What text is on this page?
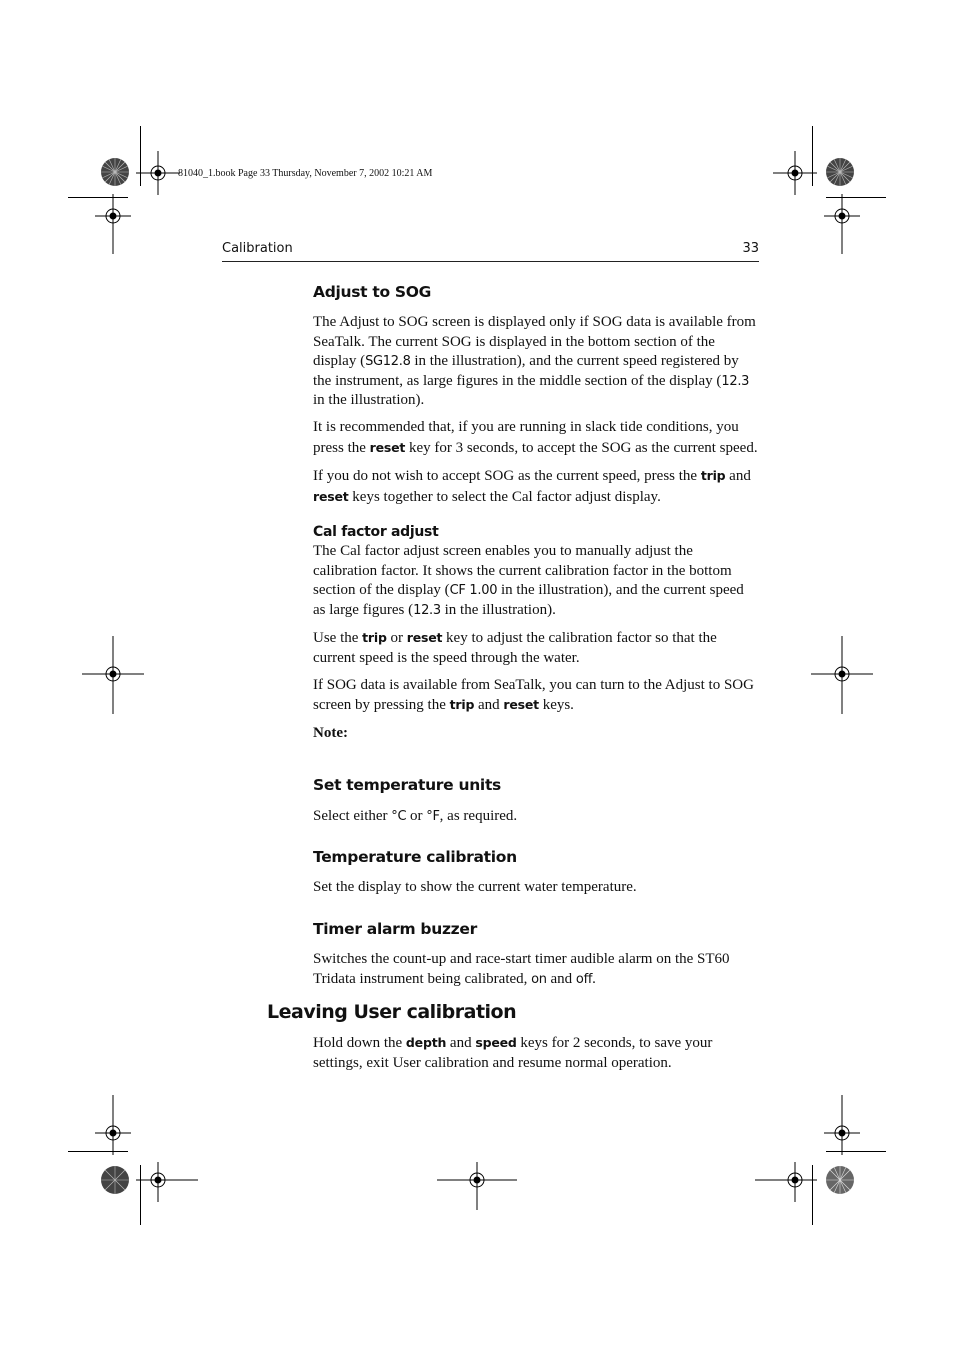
81040_1.book Page 33 Thursday, November 7, 2002 10:21 AM
Calibration	33
Adjust to SOG

The Adjust to SOG screen is displayed only if SOG data is available from SeaTalk. The current SOG is displayed in the bottom section of the display (SG12.8 in the illustration), and the current speed registered by the instrument, as large figures in the middle section of the display (12.3 in the illustration).

It is recommended that, if you are running in slack tide conditions, you press the reset key for 3 seconds, to accept the SOG as the current speed.

If you do not wish to accept SOG as the current speed, press the trip and reset keys together to select the Cal factor adjust display.

Cal factor adjust

The Cal factor adjust screen enables you to manually adjust the calibration factor. It shows the current calibration factor in the bottom section of the display (CF 1.00 in the illustration), and the current speed as large figures (12.3 in the illustration).

Use the trip or reset key to adjust the calibration factor so that the current speed is the speed through the water.

If SOG data is available from SeaTalk, you can turn to the Adjust to SOG screen by pressing the trip and reset keys.

Note:

Set temperature units

Select either °C or °F, as required.

Temperature calibration

Set the display to show the current water temperature.

Timer alarm buzzer

Switches the count-up and race-start timer audible alarm on the ST60 Tridata instrument being calibrated, on and off.

Leaving User calibration

Hold down the depth and speed keys for 2 seconds, to save your settings, exit User calibration and resume normal operation.
